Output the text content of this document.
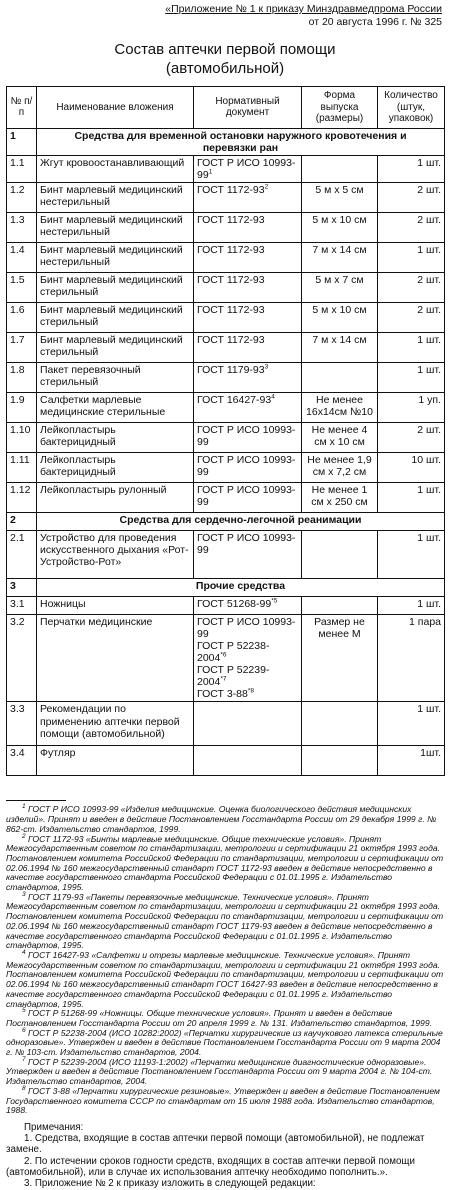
«Приложение № 1 к приказу Минздравмедпрома России
от 20 августа 1996 г. № 325
Состав аптечки первой помощи
(автомобильной)
№ п/п	Наименование вложения	Нормативный документ	Форма выпуска (размеры)	Количество (штук, упаковок)
1	Средства для временной остановки наружного кровотечения и перевязки ран			
1.1	Жгут кровоостанавливающий	ГОСТ Р ИСО $10993-99^1$		1 шт.
1.2	Бинт марлевый медицинский нестерильный	ГОСТ $1172-93^2$	5 м х 5 см	2 шт.
1.3	Бинт марлевый медицинский нестерильный	ГОСТ 1172-93	5 м х 10 см	2 шт.
1.4	Бинт марлевый медицинский нестерильный	ГОСТ 1172-93	7 м х 14 см	1 шт.
1.5	Бинт марлевый медицинский стерильный	ГОСТ 1172-93	5 м х 7 см	2 шт.
1.6	Бинт марлевый медицинский стерильный	ГОСТ 1172-93	5 м х 10 см	2 шт.
1.7	Бинт марлевый медицинский стерильный	ГОСТ 1172-93	7 м х 14 см	1 шт.
1.8	Пакет перевязочный стерильный	ГОСТ $1179-93^3$		1 шт.
1.9	Салфетки марлевые медицинские стерильные	ГОСТ $16427-93^4$	Не менее 16х14см №10	1 уп.
1.10	Лейкопластырь бактерицидный	ГОСТ Р ИСО 10993-99	Не менее 4 см х 10 см	2 шт.
1.11	Лейкопластырь бактерицидный	ГОСТ Р ИСО 10993-99	Не менее 1,9 см х 7,2 см	10 шт.
1.12	Лейкопластырь рулонный	ГОСТ Р ИСО 10993-99	Не менее 1 см х 250 см	1 шт.
2	Средства для сердечно-легочной реанимации			
2.1	Устройство для проведения искусственного дыхания «Рот-Устройство-Рот»	ГОСТ Р ИСО 10993-99		1 шт.
3	Прочие средства			
3.1	Ножницы	ГОСТ 51268-99$^{*5}$		1 шт.
3.2	Перчатки медицинские	ГОСТ Р ИСО 10993-99
ГОСТ Р 52238-2004$^{*6}$
ГОСТ Р 52239-2004$^{*7}$
ГОСТ 3-88$^{*8}$	Размер не менее М	1 пара
3.3	Рекомендации по применению аптечки первой помощи (автомобильной)			1 шт.
3.4	Футляр			1шт.

$^1$ ГОСТ Р ИСО 10993-99 «Изделия медицинские. Оценка биологического действия медицинских изделий». Принят и введен в действие Постановлением Госстандарта России от 29 декабря 1999 г. № 862-ст. Издательство стандартов, 1999.

$^2$ ГОСТ 1172-93 «Бинты марлевые медицинские. Общие технические условия». Принят Межгосударственным советом по стандартизации, метрологии и сертификации 21 октября 1993 года. Постановлением комитета Российской Федерации по стандартизации, метрологии и сертификации от 02.06.1994 № 160 межгосударственный стандарт ГОСТ 1172-93 введен в действие непосредственно в качестве государственного стандарта Российской Федерации с 01.01.1995 г. Издательство стандартов, 1995.

$^3$ ГОСТ 1179-93 «Пакеты перевязочные медицинские. Технические условия». Принят Межгосударственным советом по стандартизации, метрологии и сертификации 21 октября 1993 года. Постановлением комитета Российской Федерации по стандартизации, метрологии и сертификации от 02.06.1994 № 160 межгосударственный стандарт ГОСТ 1179-93 введен в действие непосредственно в качестве государственного стандарта Российской Федерации с 01.01.1995 г. Издательство стандартов, 1995.

$^4$ ГОСТ 16427-93 «Салфетки и отрезы марлевые медицинские. Технические условия». Принят Межгосударственным советом по стандартизации, метрологии и сертификации 21 октября 1993 года. Постановлением комитета Российской Федерации по стандартизации, метрологии и сертификации от 02.06.1994 № 160 межгосударственный стандарт ГОСТ 16427-93 введен в действие непосредственно в качестве государственного стандарта Российской Федерации с 01.01.1995 г. Издательство стандартов, 1995.

$^5$ ГОСТ Р 51268-99 «Ножницы. Общие технические условия». Принят и введен в действие Постановлением Госстандарта России от 20 апреля 1999 г. № 131. Издательство стандартов, 1999.

$^6$ ГОСТ Р 52238-2004 (ИСО 10282:2002) «Перчатки хирургические из каучукового латекса стерильные одноразовые». Утвержден и введен в действие Постановлением Госстандарта России от 9 марта 2004 г. № 103-ст. Издательство стандартов, 2004.

$^7$ ГОСТ Р 52239-2004 (ИСО 11193-1:2002) «Перчатки медицинские диагностические одноразовые». Утвержден и введен в действие Постановлением Госстандарта России от 9 марта 2004 г. № 104-ст. Издательство стандартов, 2004.

$^8$ ГОСТ 3-88 «Перчатки хирургические резиновые». Утвержден и введен в действие Постановлением Государственного комитета СССР по стандартам от 15 июля 1988 года. Издательство стандартов, 1988.

Примечания:

1. Средства, входящие в состав аптечки первой помощи (автомобильной), не подлежат замене.

2. По истечении сроков годности средств, входящих в состав аптечки первой помощи (автомобильной), или в случае их использования аптечку необходимо пополнить.».

3. Приложение № 2 к приказу изложить в следующей редакции:
